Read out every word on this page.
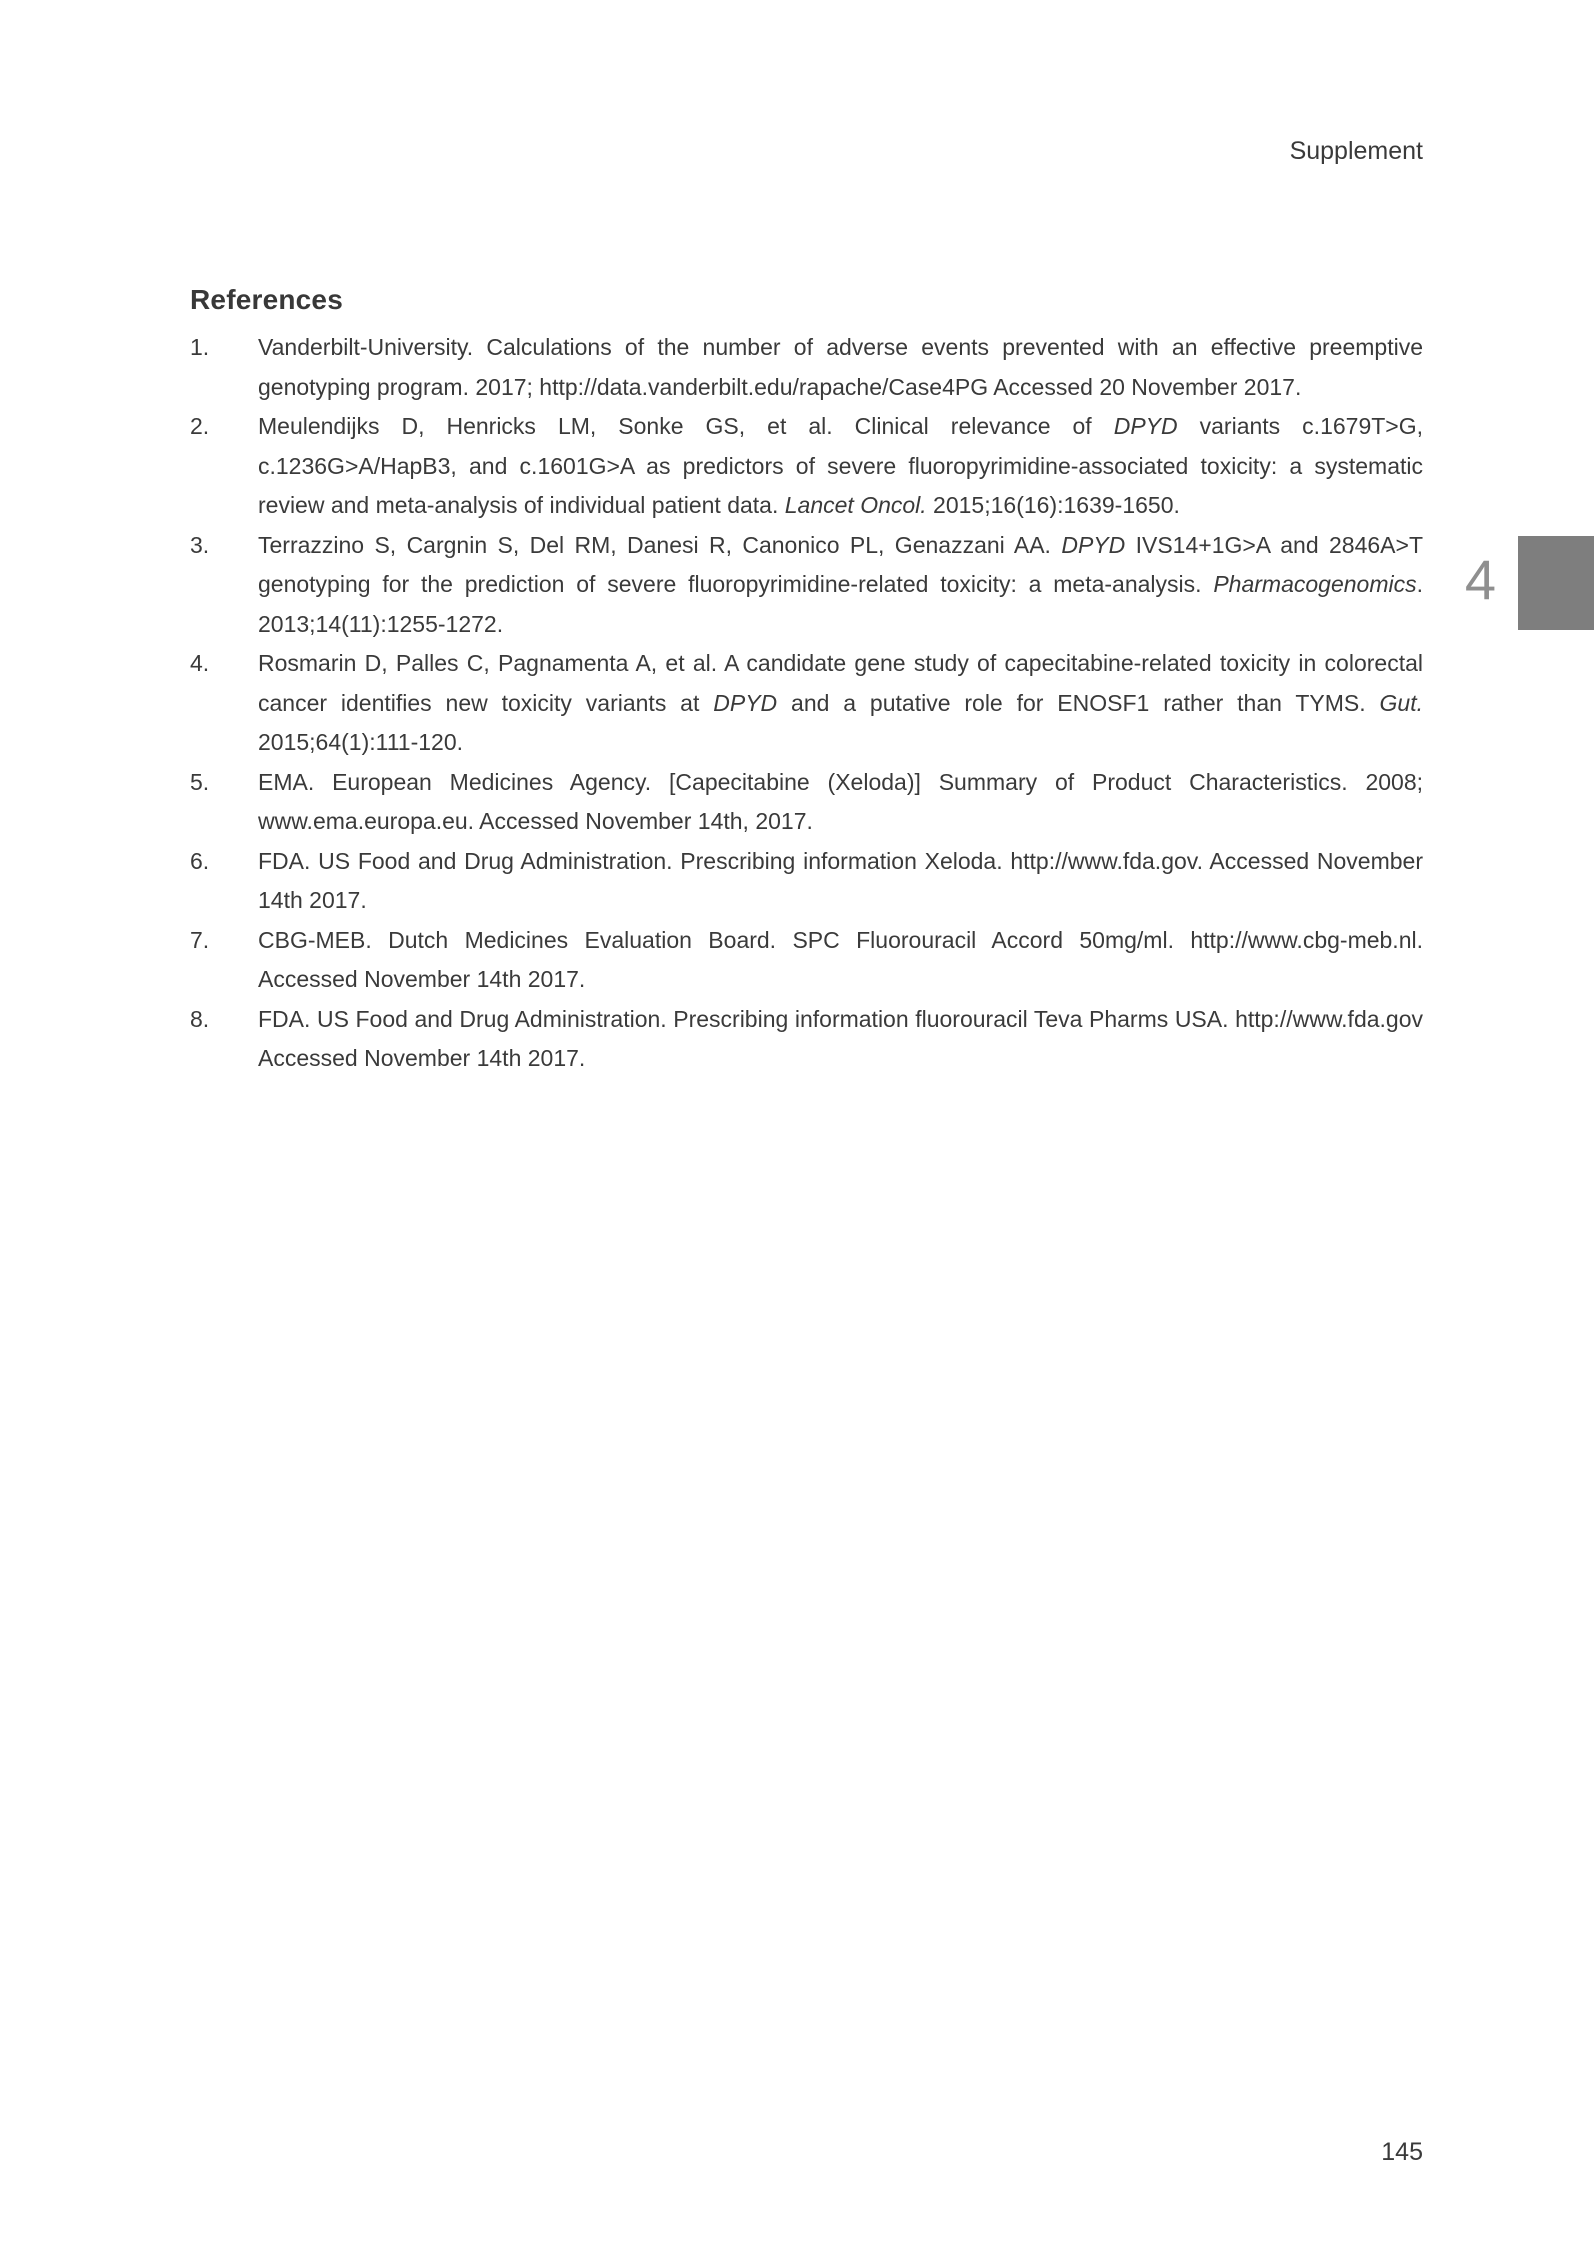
Supplement
References
1.	Vanderbilt-University. Calculations of the number of adverse events prevented with an effective preemptive genotyping program. 2017; http://data.vanderbilt.edu/rapache/Case4PG Accessed 20 November 2017.
2.	Meulendijks D, Henricks LM, Sonke GS, et al. Clinical relevance of DPYD variants c.1679T>G, c.1236G>A/HapB3, and c.1601G>A as predictors of severe fluoropyrimidine-associated toxicity: a systematic review and meta-analysis of individual patient data. Lancet Oncol. 2015;16(16):1639-1650.
3.	Terrazzino S, Cargnin S, Del RM, Danesi R, Canonico PL, Genazzani AA. DPYD IVS14+1G>A and 2846A>T genotyping for the prediction of severe fluoropyrimidine-related toxicity: a meta-analysis. Pharmacogenomics. 2013;14(11):1255-1272.
4.	Rosmarin D, Palles C, Pagnamenta A, et al. A candidate gene study of capecitabine-related toxicity in colorectal cancer identifies new toxicity variants at DPYD and a putative role for ENOSF1 rather than TYMS. Gut. 2015;64(1):111-120.
5.	EMA. European Medicines Agency. [Capecitabine (Xeloda)] Summary of Product Characteristics. 2008; www.ema.europa.eu. Accessed November 14th, 2017.
6.	FDA. US Food and Drug Administration. Prescribing information Xeloda. http://www.fda.gov. Accessed November 14th 2017.
7.	CBG-MEB. Dutch Medicines Evaluation Board. SPC Fluorouracil Accord 50mg/ml. http://www.cbg-meb.nl. Accessed November 14th 2017.
8.	FDA. US Food and Drug Administration. Prescribing information fluorouracil Teva Pharms USA. http://www.fda.gov Accessed November 14th 2017.
4
145
